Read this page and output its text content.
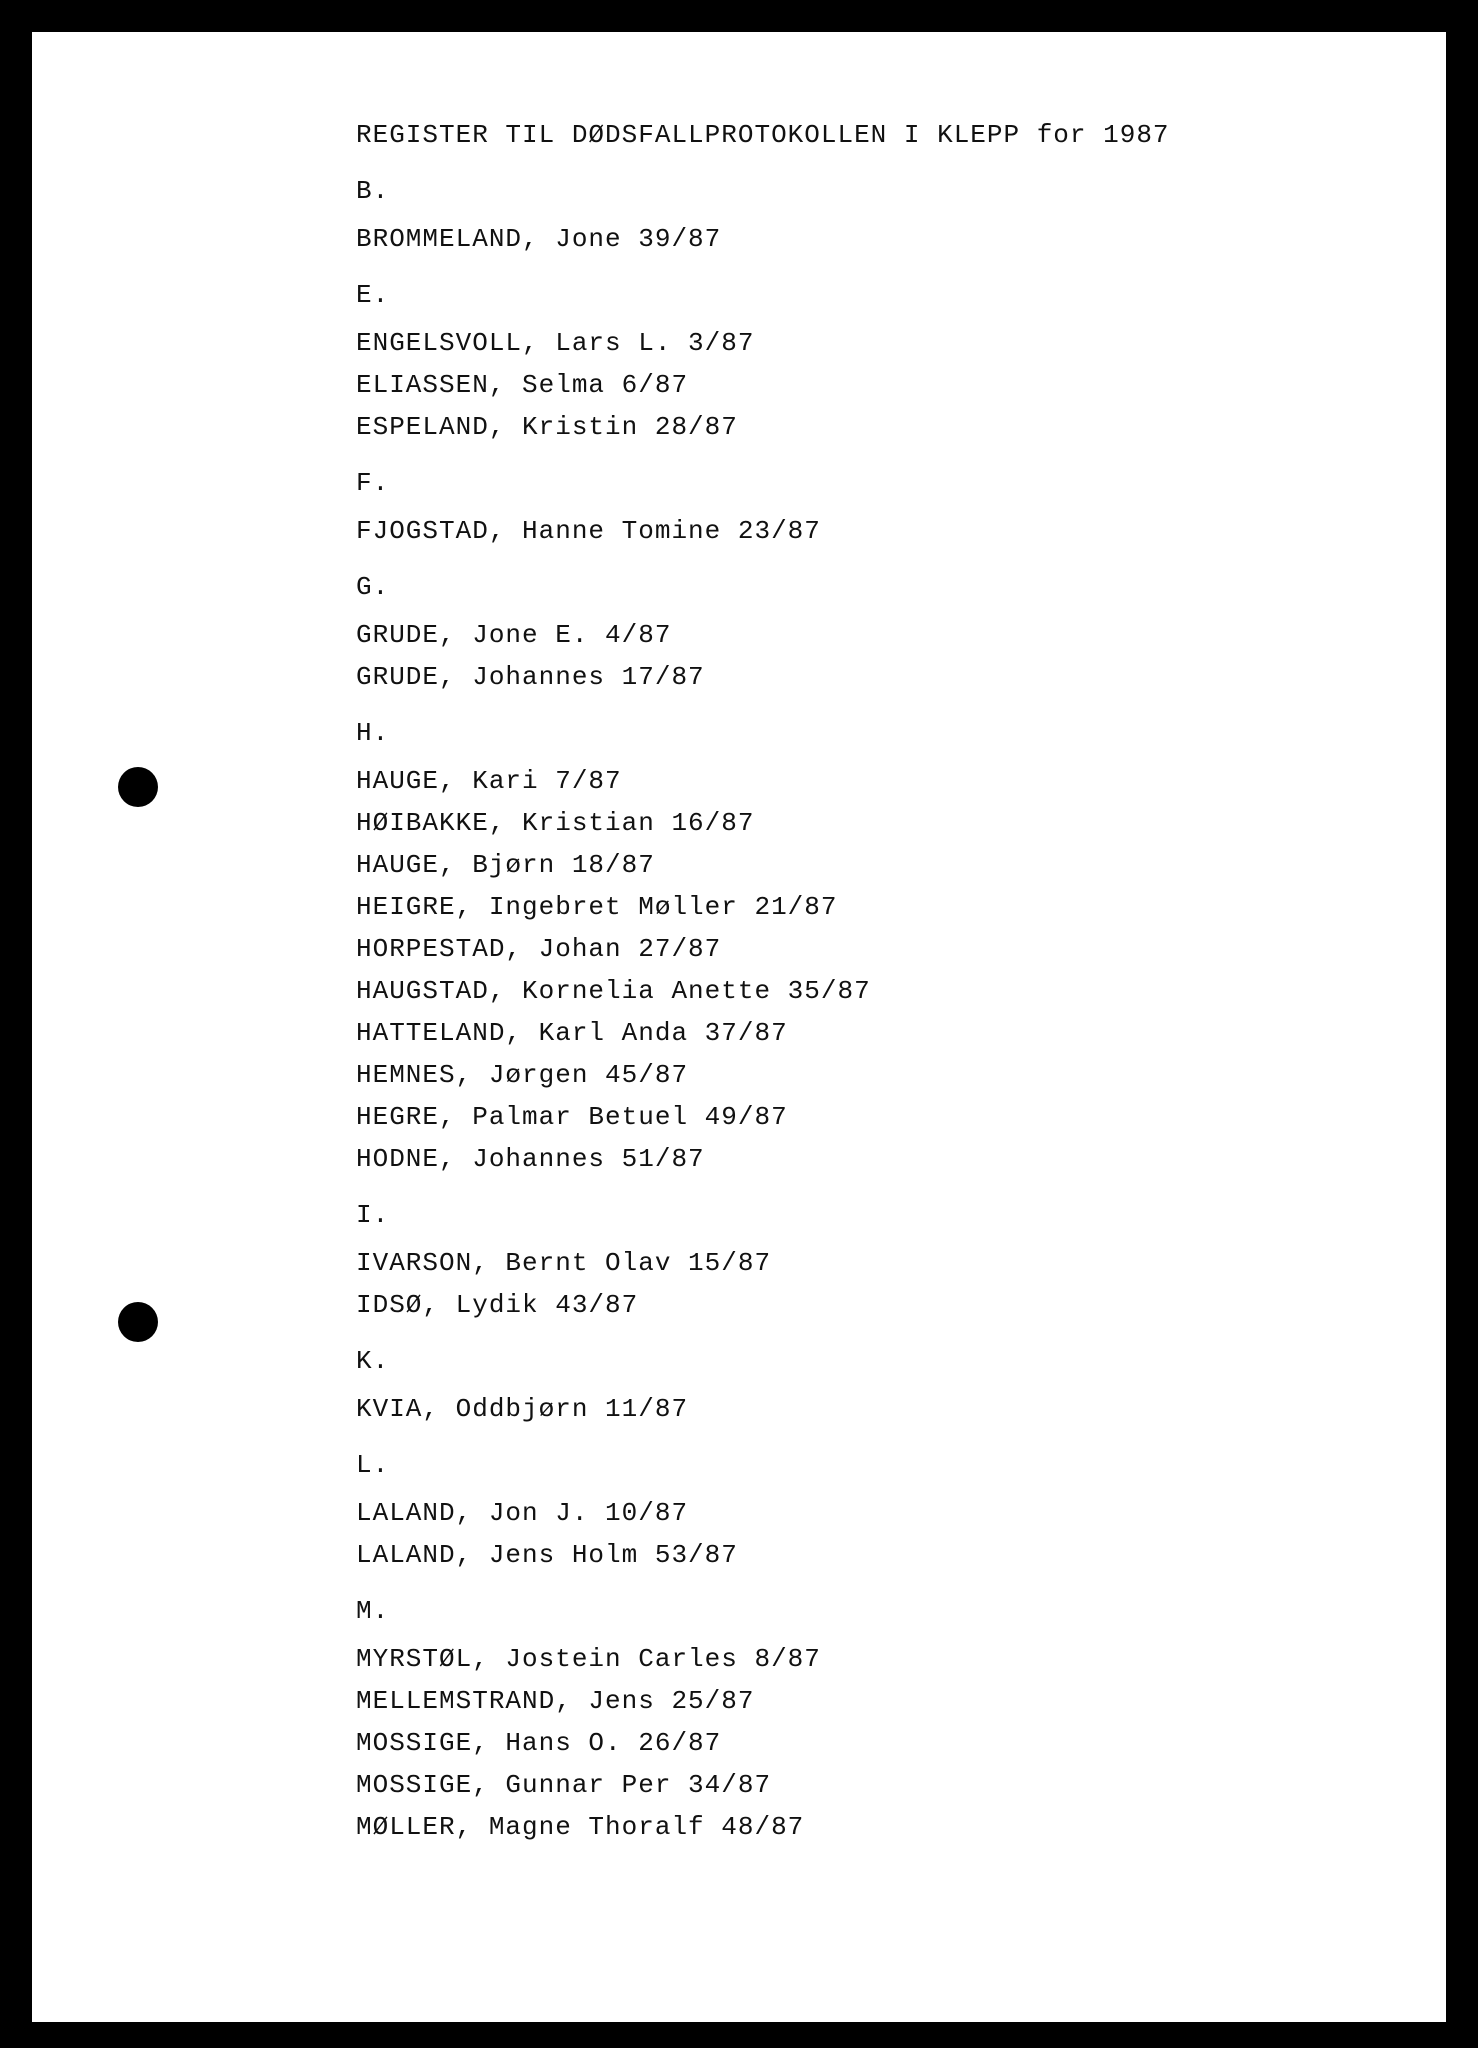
REGISTER TIL DØDSFALLPROTOKOLLEN I KLEPP for 1987
B.
BROMMELAND, Jone 39/87
E.
ENGELSVOLL, Lars L. 3/87
ELIASSEN, Selma 6/87
ESPELAND, Kristin 28/87
F.
FJOGSTAD, Hanne Tomine 23/87
G.
GRUDE, Jone E. 4/87
GRUDE, Johannes 17/87
H.
HAUGE, Kari 7/87
HØIBAKKE, Kristian 16/87
HAUGE, Bjørn 18/87
HEIGRE, Ingebret Møller 21/87
HORPESTAD, Johan 27/87
HAUGSTAD, Kornelia Anette 35/87
HATTELAND, Karl Anda 37/87
HEMNES, Jørgen 45/87
HEGRE, Palmar Betuel 49/87
HODNE, Johannes 51/87
I.
IVARSON, Bernt Olav 15/87
IDSØ, Lydik 43/87
K.
KVIA, Oddbjørn 11/87
L.
LALAND, Jon J. 10/87
LALAND, Jens Holm 53/87
M.
MYRSTØL, Jostein Carles 8/87
MELLEMSTRAND, Jens 25/87
MOSSIGE, Hans O. 26/87
MOSSIGE, Gunnar Per 34/87
MØLLER, Magne Thoralf 48/87
